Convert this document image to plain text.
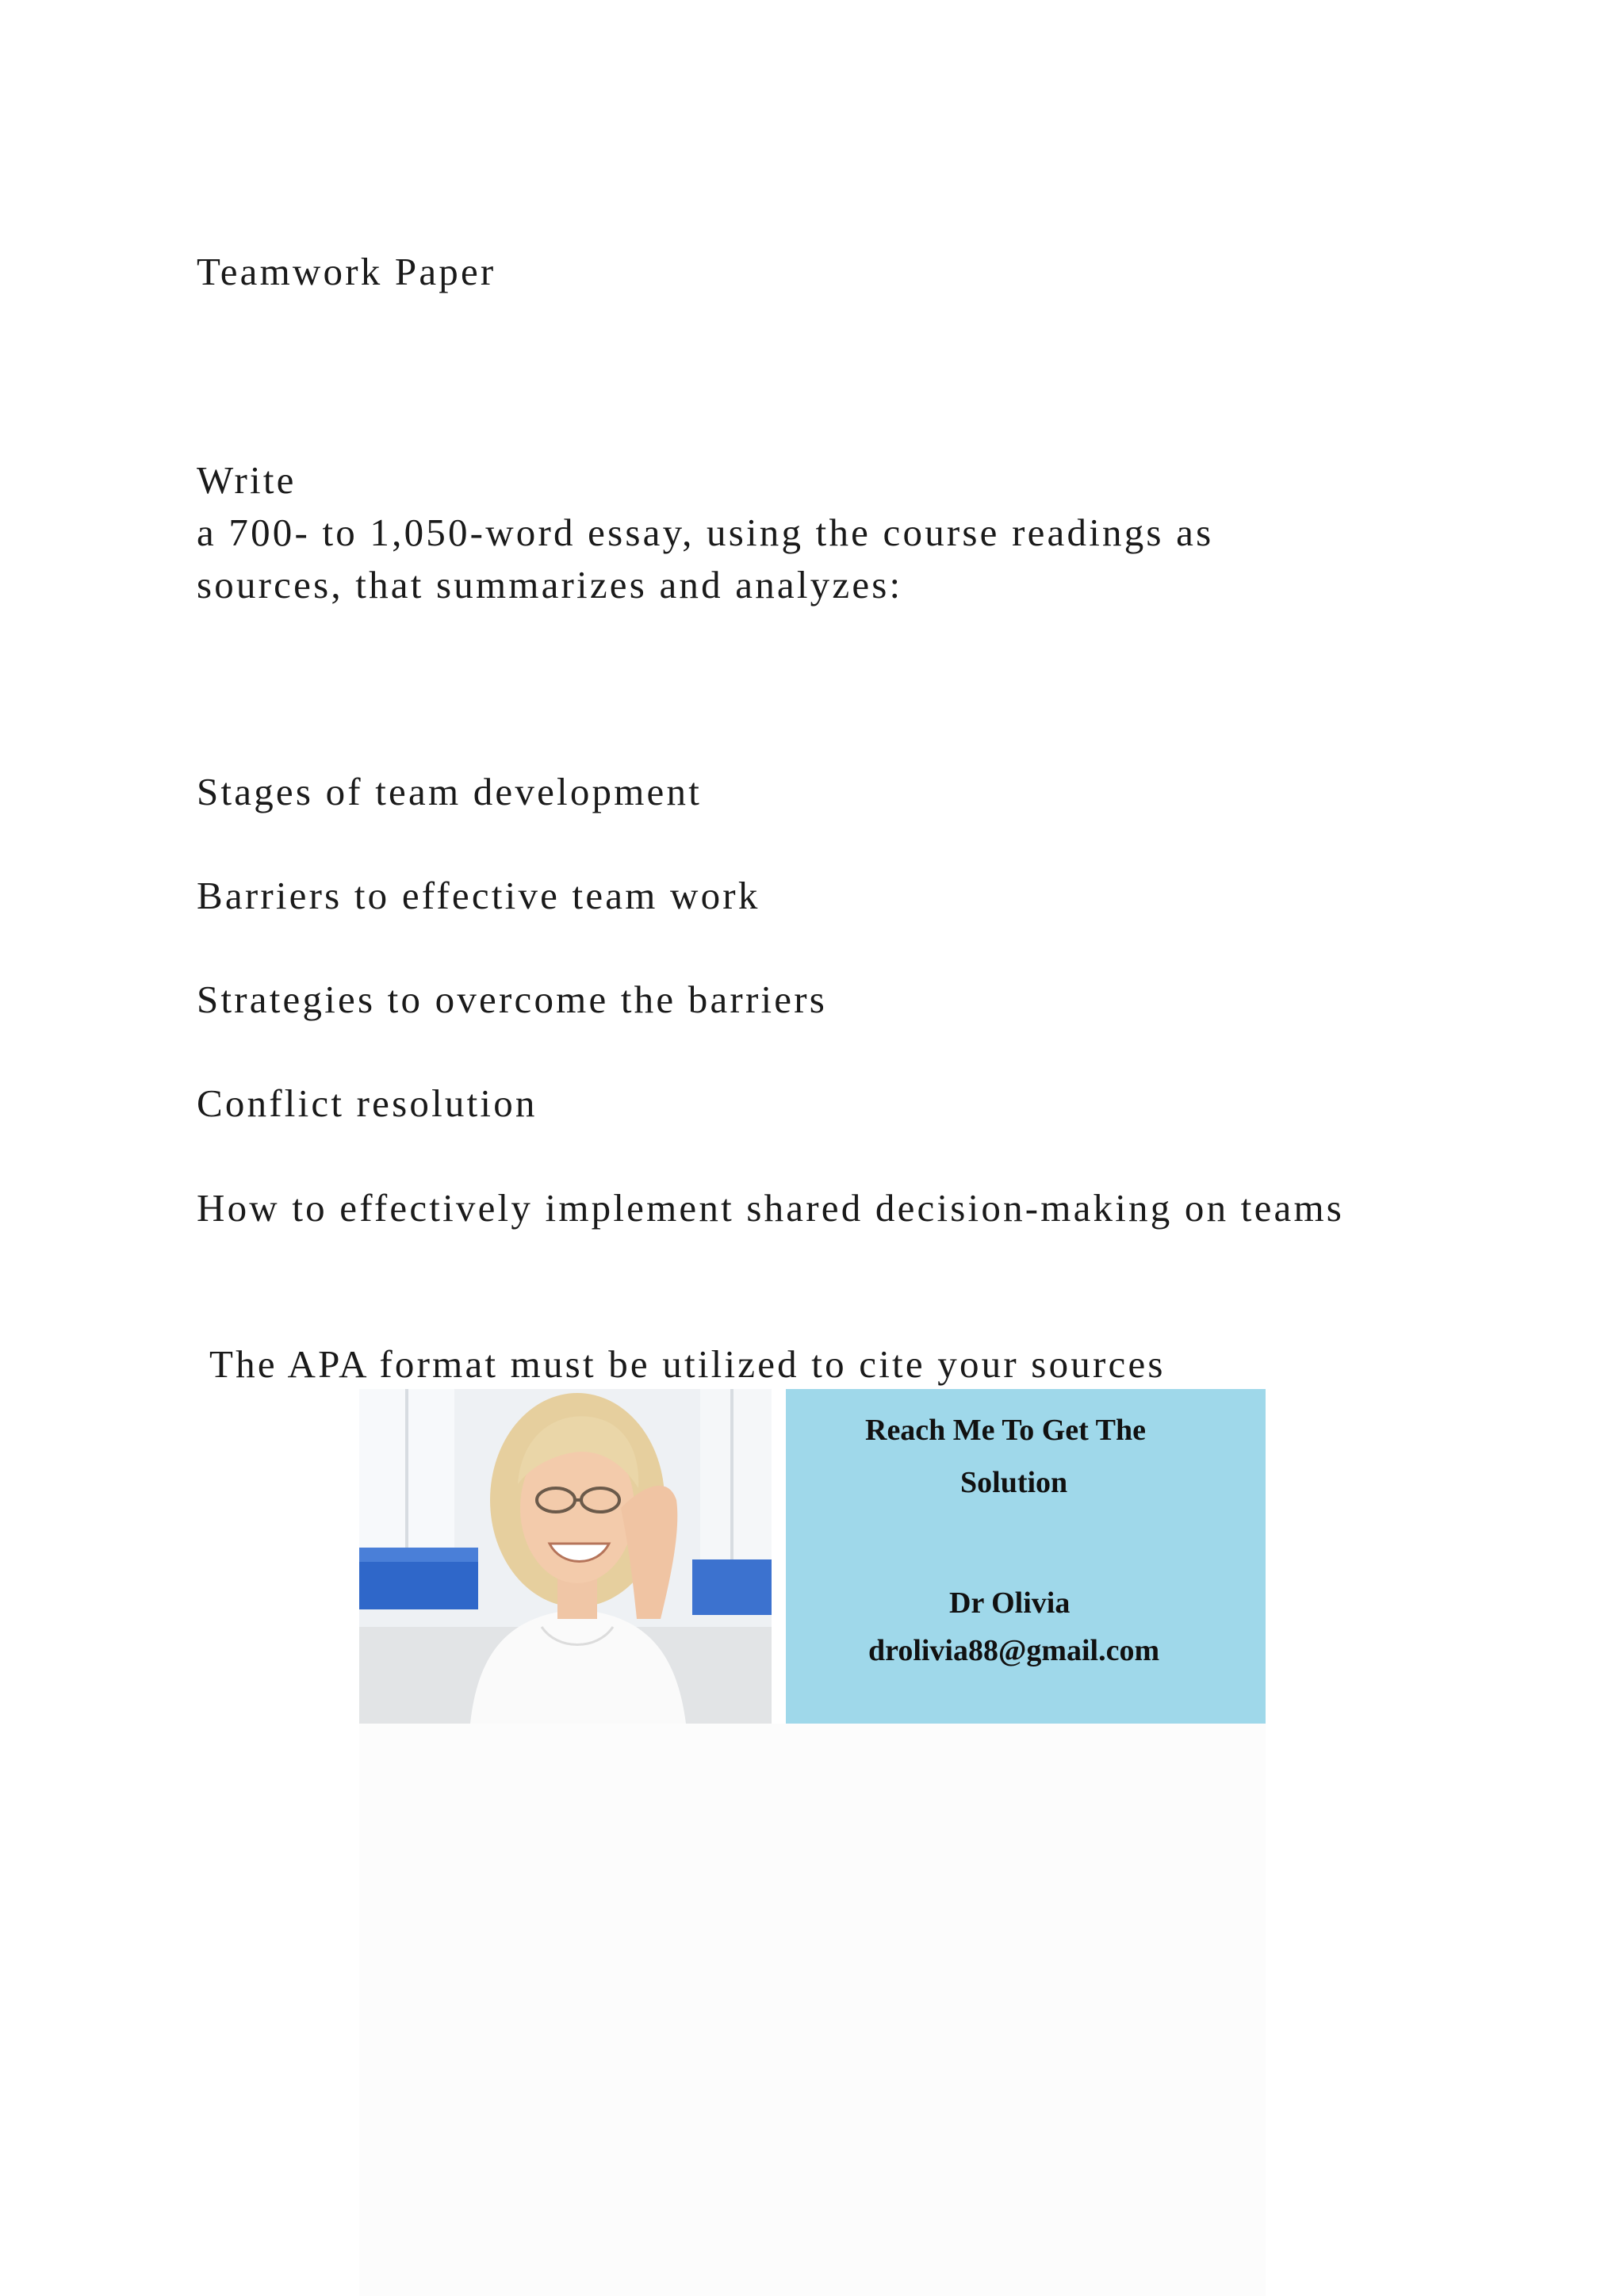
Teamwork Paper

Write

a 700- to 1,050-word essay, using the course readings as

sources, that summarizes and analyzes:

Stages of team development

Barriers to effective team work

Strategies to overcome the barriers

Conflict resolution

How to effectively implement shared decision-making on teams

The APA format must be utilized to cite your sources

Reach Me To Get The
Solution
Dr Olivia
drolivia88@gmail.com
